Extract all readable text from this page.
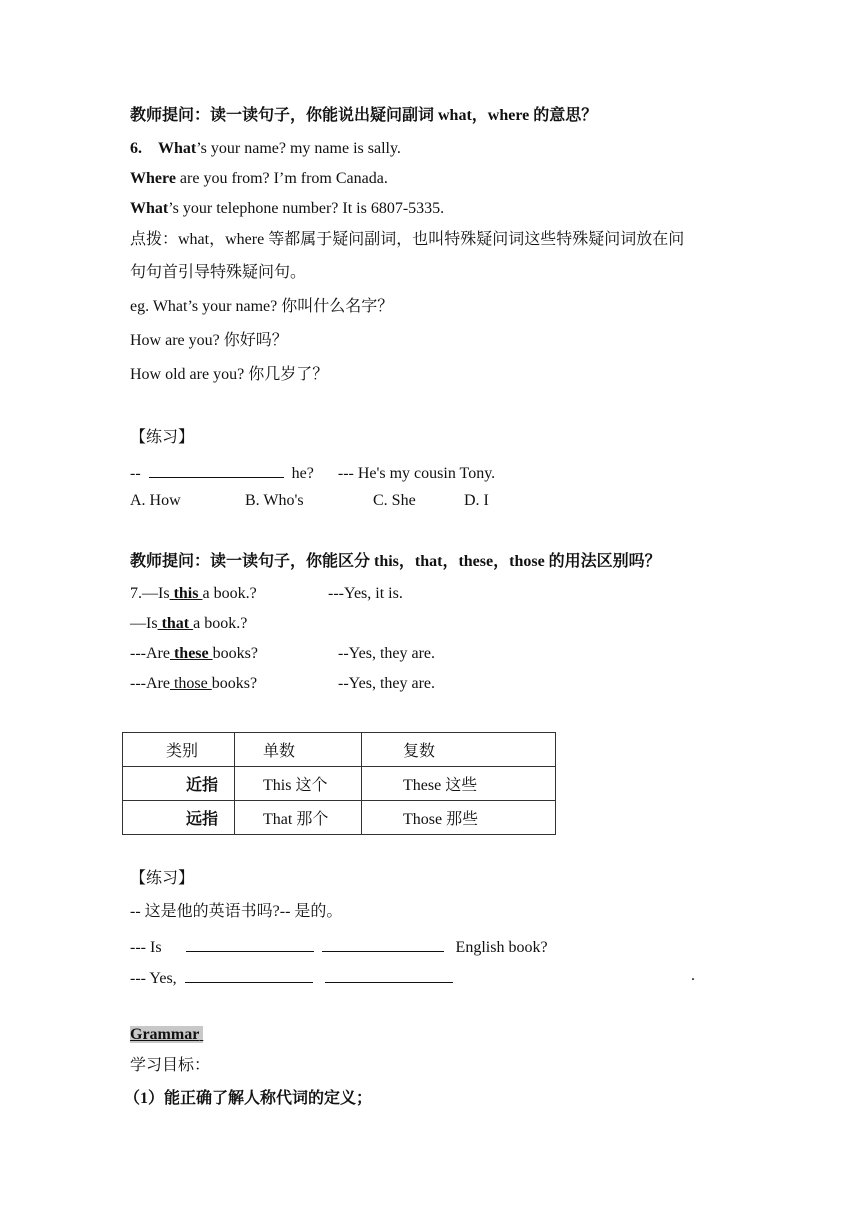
教师提问：读一读句子，你能说出疑问副词 what，where 的意思？
6. What’s your name? my name is sally.
Where are you from? I’m from Canada.
What’s your telephone number? It is 6807-5335.
点拨：what，where 等都属于疑问副词，也叫特殊疑问词这些特殊疑问词放在问
句句首引导特殊疑问句。
eg. What’s your name? 你叫什么名字？
How are you? 你好吗？
How old are you? 你几岁了？
【练习】
--	he? --- He's my cousin Tony.
A. How	B. Who's	C. She	D. I
教师提问：读一读句子，你能区分 this，that，these，those 的用法区别吗？
7.—Is this a book.?	---Yes, it is.
—Is that a book.?
---Are these books?	--Yes, they are.
---Are those books?	--Yes, they are.
类别	单数	复数
近指	This 这个	These 这些
远指	That 那个	Those 那些
【练习】
-- 这是他的英语书吗?-- 是的。
--- Is	English book?
--- Yes,	.
Grammar
学习目标：
（1）能正确了解人称代词的定义；
